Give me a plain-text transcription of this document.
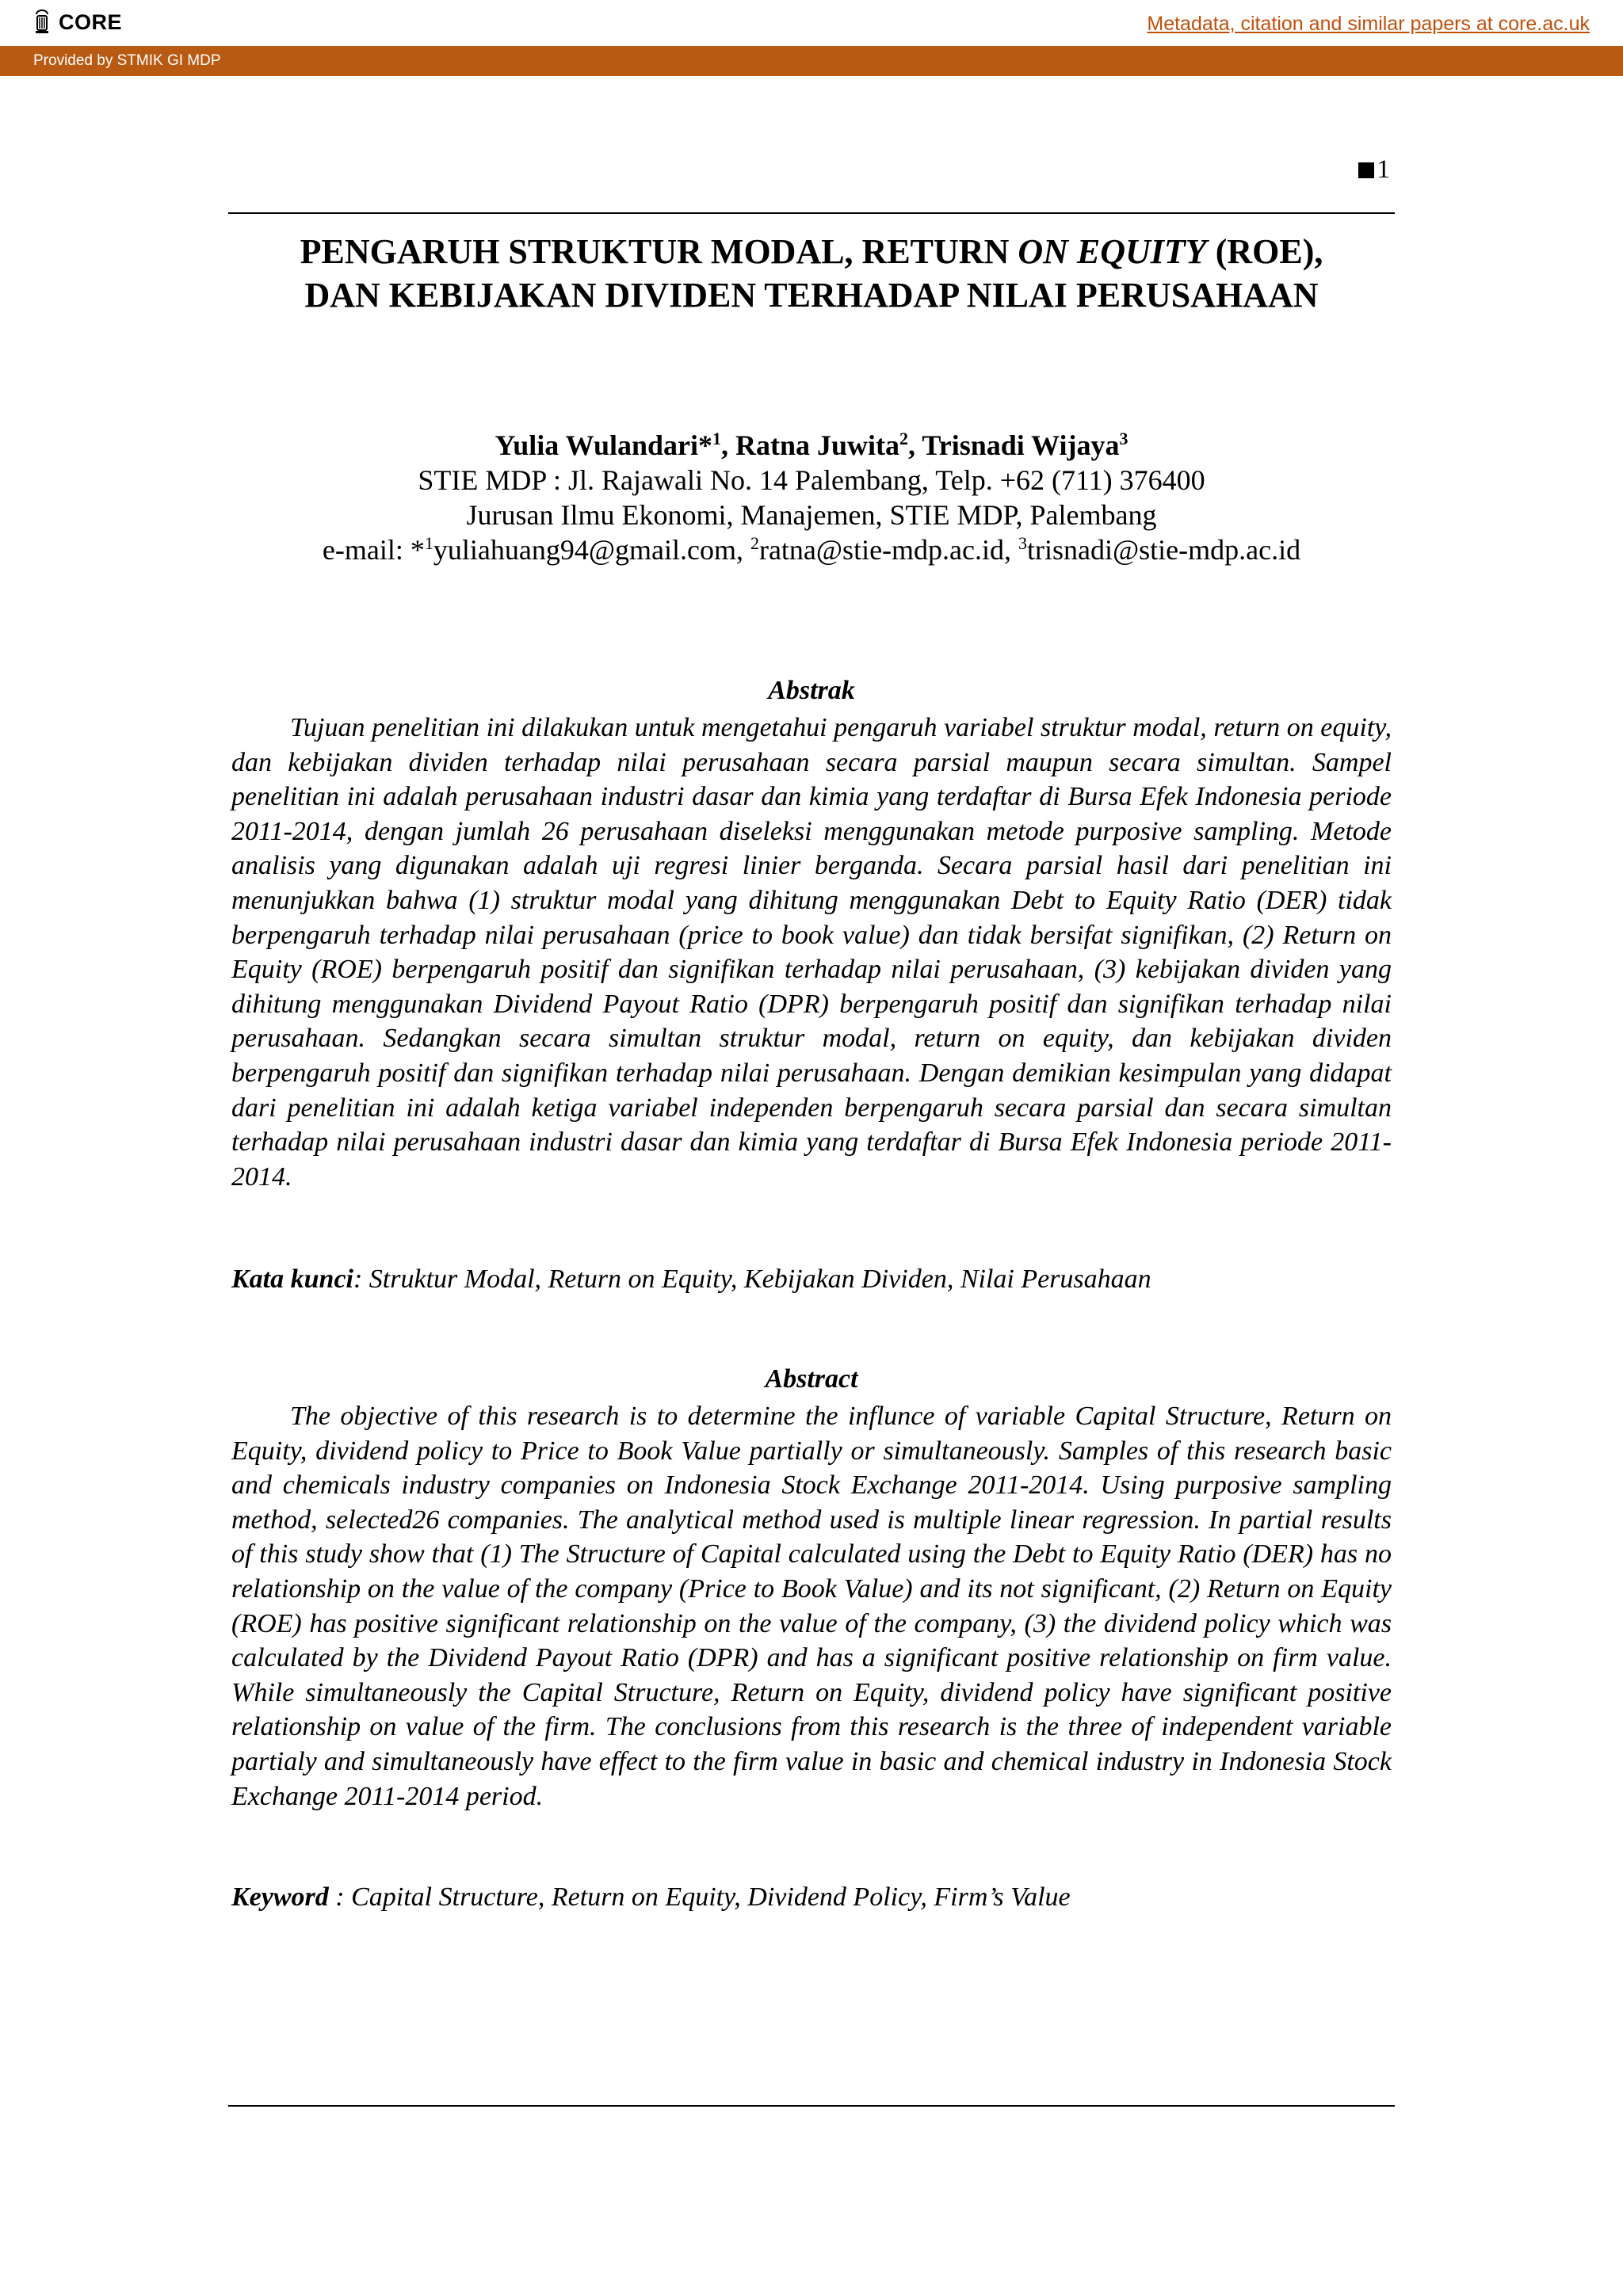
CORE	Metadata, citation and similar papers at core.ac.uk
Provided by STMIK GI MDP
1
PENGARUH STRUKTUR MODAL, RETURN ON EQUITY (ROE),
DAN KEBIJAKAN DIVIDEN TERHADAP NILAI PERUSAHAAN
Yulia Wulandari*$^1$, Ratna Juwita$^2$, Trisnadi Wijaya$^3$
STIE MDP : Jl. Rajawali No. 14 Palembang, Telp. +62 (711) 376400
Jurusan Ilmu Ekonomi, Manajemen, STIE MDP, Palembang
e-mail: *$^1$yuliahuang94@gmail.com, $^2$ratna@stie-mdp.ac.id, $^3$trisnadi@stie-mdp.ac.id
Abstrak

Tujuan penelitian ini dilakukan untuk mengetahui pengaruh variabel struktur modal, return on equity, dan kebijakan dividen terhadap nilai perusahaan secara parsial maupun secara simultan. Sampel penelitian ini adalah perusahaan industri dasar dan kimia yang terdaftar di Bursa Efek Indonesia periode 2011-2014, dengan jumlah 26 perusahaan diseleksi menggunakan metode purposive sampling. Metode analisis yang digunakan adalah uji regresi linier berganda. Secara parsial hasil dari penelitian ini menunjukkan bahwa (1) struktur modal yang dihitung menggunakan Debt to Equity Ratio (DER) tidak berpengaruh terhadap nilai perusahaan (price to book value) dan tidak bersifat signifikan, (2) Return on Equity (ROE) berpengaruh positif dan signifikan terhadap nilai perusahaan, (3) kebijakan dividen yang dihitung menggunakan Dividend Payout Ratio (DPR) berpengaruh positif dan signifikan terhadap nilai perusahaan. Sedangkan secara simultan struktur modal, return on equity, dan kebijakan dividen berpengaruh positif dan signifikan terhadap nilai perusahaan. Dengan demikian kesimpulan yang didapat dari penelitian ini adalah ketiga variabel independen berpengaruh secara parsial dan secara simultan terhadap nilai perusahaan industri dasar dan kimia yang terdaftar di Bursa Efek Indonesia periode 2011-2014.

Kata kunci: Struktur Modal, Return on Equity, Kebijakan Dividen, Nilai Perusahaan
Abstract

The objective of this research is to determine the influnce of variable Capital Structure, Return on Equity, dividend policy to Price to Book Value partially or simultaneously. Samples of this research basic and chemicals industry companies on Indonesia Stock Exchange 2011-2014. Using purposive sampling method, selected26 companies. The analytical method used is multiple linear regression. In partial results of this study show that (1) The Structure of Capital calculated using the Debt to Equity Ratio (DER) has no relationship on the value of the company (Price to Book Value) and its not significant, (2) Return on Equity (ROE) has positive significant relationship on the value of the company, (3) the dividend policy which was calculated by the Dividend Payout Ratio (DPR) and has a significant positive relationship on firm value. While simultaneously the Capital Structure, Return on Equity, dividend policy have significant positive relationship on value of the firm. The conclusions from this research is the three of independent variable partialy and simultaneously have effect to the firm value in basic and chemical industry in Indonesia Stock Exchange 2011-2014 period.

Keyword : Capital Structure, Return on Equity, Dividend Policy, Firm’s Value
